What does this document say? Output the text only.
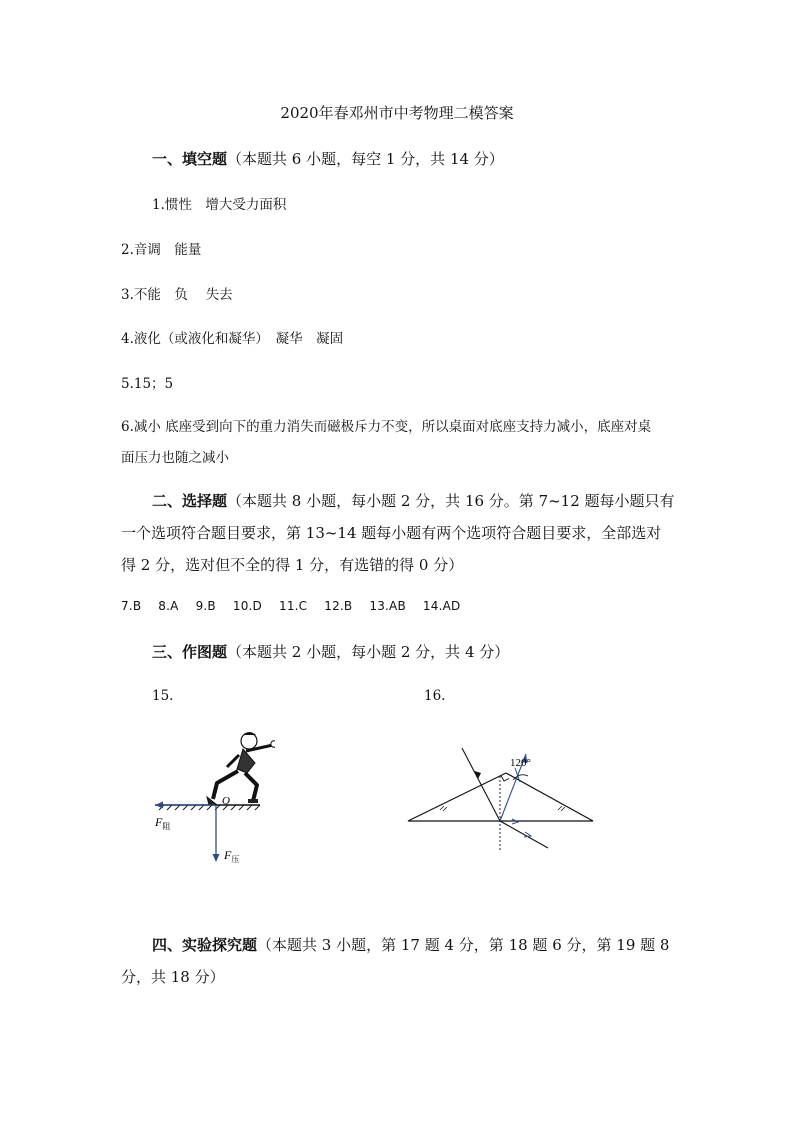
2020年春邓州市中考物理二模答案
一、填空题（本题共 6 小题，每空 1 分，共 14 分）
1.惯性　增大受力面积
2.音调　能量
3.不能　负　 失去
4.液化（或液化和凝华）　凝华　凝固
5.15；5
6.减小 底座受到向下的重力消失而磁极斥力不变，所以桌面对底座支持力减小，底座对桌
面压力也随之减小
二、选择题（本题共 8 小题，每小题 2 分，共 16 分。第 7~12 题每小题只有
一个选项符合题目要求，第 13~14 题每小题有两个选项符合题目要求，全部选对
得 2 分，选对但不全的得 1 分，有选错的得 0 分）
7.B 8.A 9.B 10.D 11.C 12.B 13.AB 14.AD
三、作图题（本题共 2 小题，每小题 2 分，共 4 分）
15.	16.
O
$F_阻$
$F_压$
120°
四、实验探究题（本题共 3 小题，第 17 题 4 分，第 18 题 6 分，第 19 题 8
分，共 18 分）
